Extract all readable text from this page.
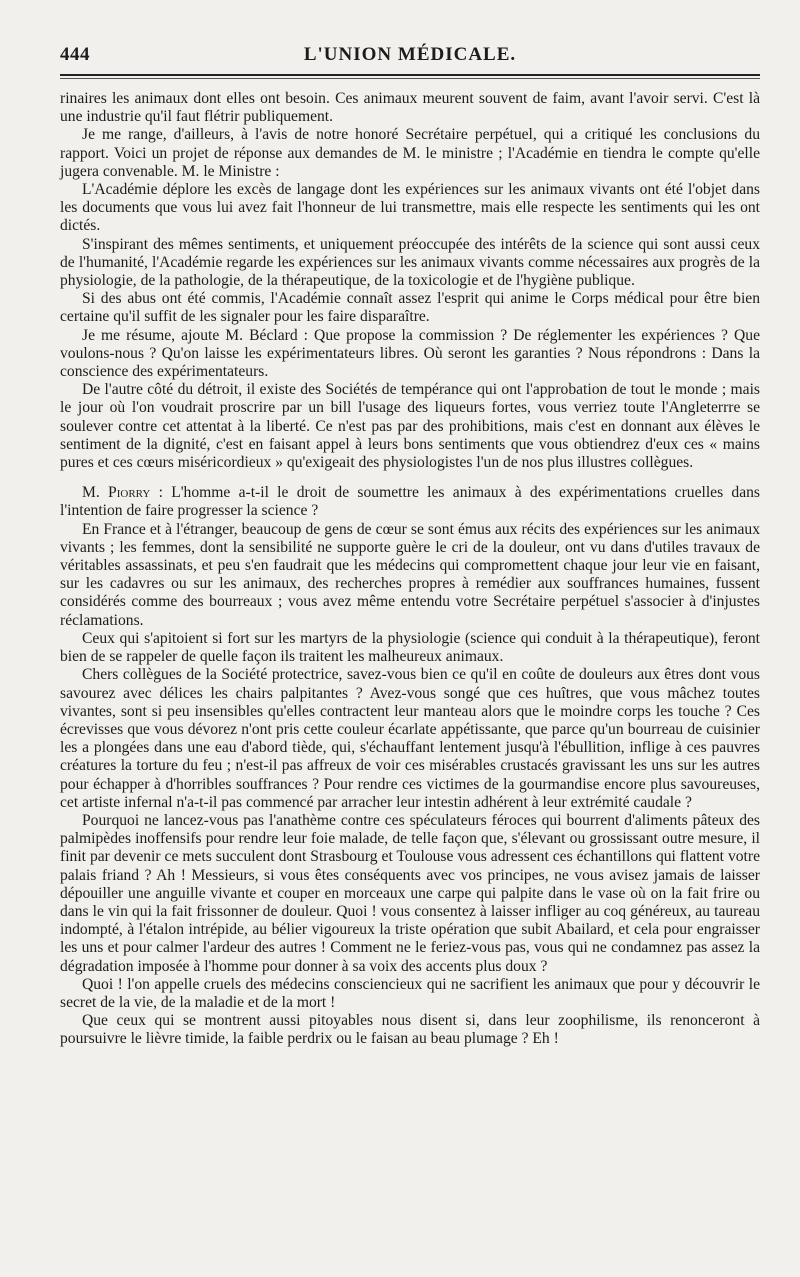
444	L'UNION MÉDICALE.

rinaires les animaux dont elles ont besoin. Ces animaux meurent souvent de faim, avant l'avoir servi. C'est là une industrie qu'il faut flétrir publiquement.

Je me range, d'ailleurs, à l'avis de notre honoré Secrétaire perpétuel, qui a critiqué les conclusions du rapport. Voici un projet de réponse aux demandes de M. le ministre ; l'Académie en tiendra le compte qu'elle jugera convenable. M. le Ministre :

L'Académie déplore les excès de langage dont les expériences sur les animaux vivants ont été l'objet dans les documents que vous lui avez fait l'honneur de lui transmettre, mais elle respecte les sentiments qui les ont dictés.

S'inspirant des mêmes sentiments, et uniquement préoccupée des intérêts de la science qui sont aussi ceux de l'humanité, l'Académie regarde les expériences sur les animaux vivants comme nécessaires aux progrès de la physiologie, de la pathologie, de la thérapeutique, de la toxicologie et de l'hygiène publique.

Si des abus ont été commis, l'Académie connaît assez l'esprit qui anime le Corps médical pour être bien certaine qu'il suffit de les signaler pour les faire disparaître.

Je me résume, ajoute M. Béclard : Que propose la commission ? De réglementer les expériences ? Que voulons-nous ? Qu'on laisse les expérimentateurs libres. Où seront les garanties ? Nous répondrons : Dans la conscience des expérimentateurs.

De l'autre côté du détroit, il existe des Sociétés de tempérance qui ont l'approbation de tout le monde ; mais le jour où l'on voudrait proscrire par un bill l'usage des liqueurs fortes, vous verriez toute l'Angleterrre se soulever contre cet attentat à la liberté. Ce n'est pas par des prohibitions, mais c'est en donnant aux élèves le sentiment de la dignité, c'est en faisant appel à leurs bons sentiments que vous obtiendrez d'eux ces « mains pures et ces cœurs miséricordieux » qu'exigeait des physiologistes l'un de nos plus illustres collègues.

M. Piorry : L'homme a-t-il le droit de soumettre les animaux à des expérimentations cruelles dans l'intention de faire progresser la science ?

En France et à l'étranger, beaucoup de gens de cœur se sont émus aux récits des expériences sur les animaux vivants ; les femmes, dont la sensibilité ne supporte guère le cri de la douleur, ont vu dans d'utiles travaux de véritables assassinats, et peu s'en faudrait que les médecins qui compromettent chaque jour leur vie en faisant, sur les cadavres ou sur les animaux, des recherches propres à remédier aux souffrances humaines, fussent considérés comme des bourreaux ; vous avez même entendu votre Secrétaire perpétuel s'associer à d'injustes réclamations.

Ceux qui s'apitoient si fort sur les martyrs de la physiologie (science qui conduit à la thérapeutique), feront bien de se rappeler de quelle façon ils traitent les malheureux animaux.

Chers collègues de la Société protectrice, savez-vous bien ce qu'il en coûte de douleurs aux êtres dont vous savourez avec délices les chairs palpitantes ? Avez-vous songé que ces huîtres, que vous mâchez toutes vivantes, sont si peu insensibles qu'elles contractent leur manteau alors que le moindre corps les touche ? Ces écrevisses que vous dévorez n'ont pris cette couleur écarlate appétissante, que parce qu'un bourreau de cuisinier les a plongées dans une eau d'abord tiède, qui, s'échauffant lentement jusqu'à l'ébullition, inflige à ces pauvres créatures la torture du feu ; n'est-il pas affreux de voir ces misérables crustacés gravissant les uns sur les autres pour échapper à d'horribles souffrances ? Pour rendre ces victimes de la gourmandise encore plus savoureuses, cet artiste infernal n'a-t-il pas commencé par arracher leur intestin adhérent à leur extrémité caudale ?

Pourquoi ne lancez-vous pas l'anathème contre ces spéculateurs féroces qui bourrent d'aliments pâteux des palmipèdes inoffensifs pour rendre leur foie malade, de telle façon que, s'élevant ou grossissant outre mesure, il finit par devenir ce mets succulent dont Strasbourg et Toulouse vous adressent ces échantillons qui flattent votre palais friand ? Ah ! Messieurs, si vous êtes conséquents avec vos principes, ne vous avisez jamais de laisser dépouiller une anguille vivante et couper en morceaux une carpe qui palpite dans le vase où on la fait frire ou dans le vin qui la fait frissonner de douleur. Quoi ! vous consentez à laisser infliger au coq généreux, au taureau indompté, à l'étalon intrépide, au bélier vigoureux la triste opération que subit Abailard, et cela pour engraisser les uns et pour calmer l'ardeur des autres ! Comment ne le feriez-vous pas, vous qui ne condamnez pas assez la dégradation imposée à l'homme pour donner à sa voix des accents plus doux ?

Quoi ! l'on appelle cruels des médecins consciencieux qui ne sacrifient les animaux que pour y découvrir le secret de la vie, de la maladie et de la mort !

Que ceux qui se montrent aussi pitoyables nous disent si, dans leur zoophilisme, ils renonceront à poursuivre le lièvre timide, la faible perdrix ou le faisan au beau plumage ? Eh !
